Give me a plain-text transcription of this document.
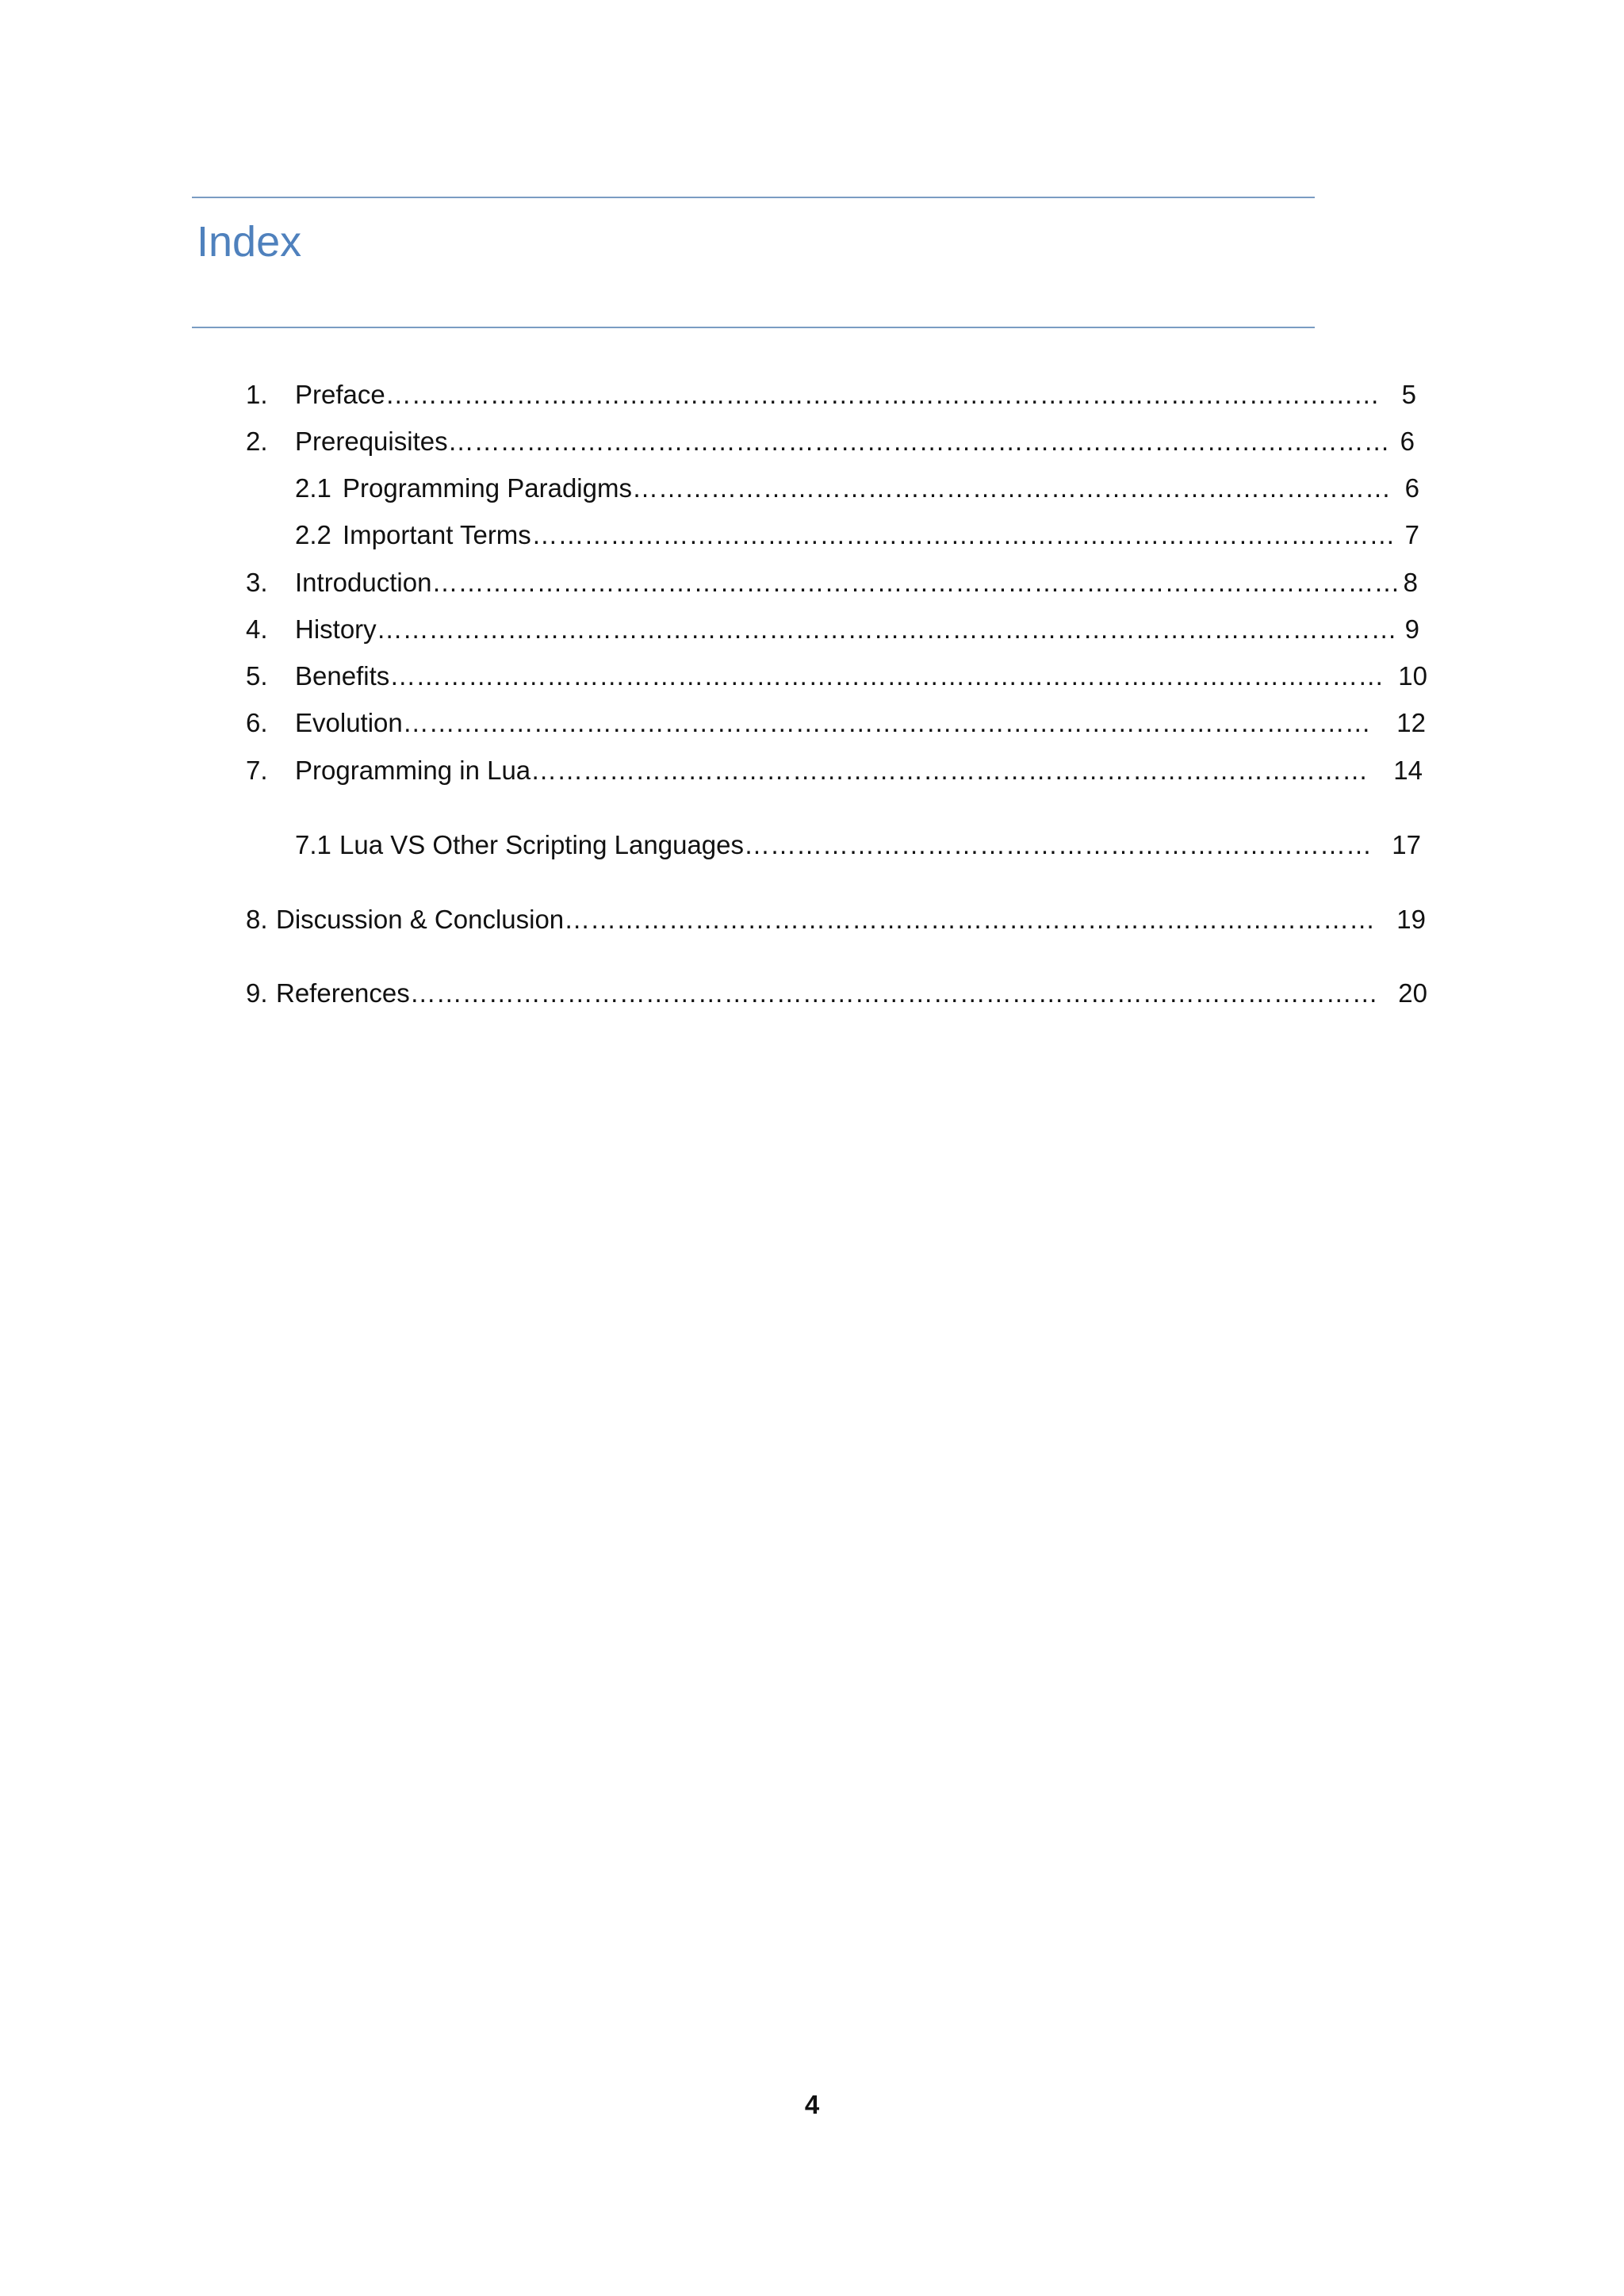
Index
1. Preface …………………………………………………………………………………………………… 5
2. Prerequisites ……………………………………………………………………………………………… 6
2.1 Programming Paradigms …………………………………………………………………………… 6
2.2 Important Terms ……………………………………………………………………………………… 7
3. Introduction ………………………………………………………………………………………………… 8
4. History ……………………………………………………………………………………………………… 9
5. Benefits …………………………………………………………………………………………………… 10
6. Evolution ………………………………………………………………………………………………… 12
7. Programming in Lua …………………………………………………………………………………… 14
7.1 Lua VS Other Scripting Languages ……………………………………………………………… 17
8. Discussion & Conclusion ………………………………………………………………………………… 19
9. References ………………………………………………………………………………………………… 20
4
